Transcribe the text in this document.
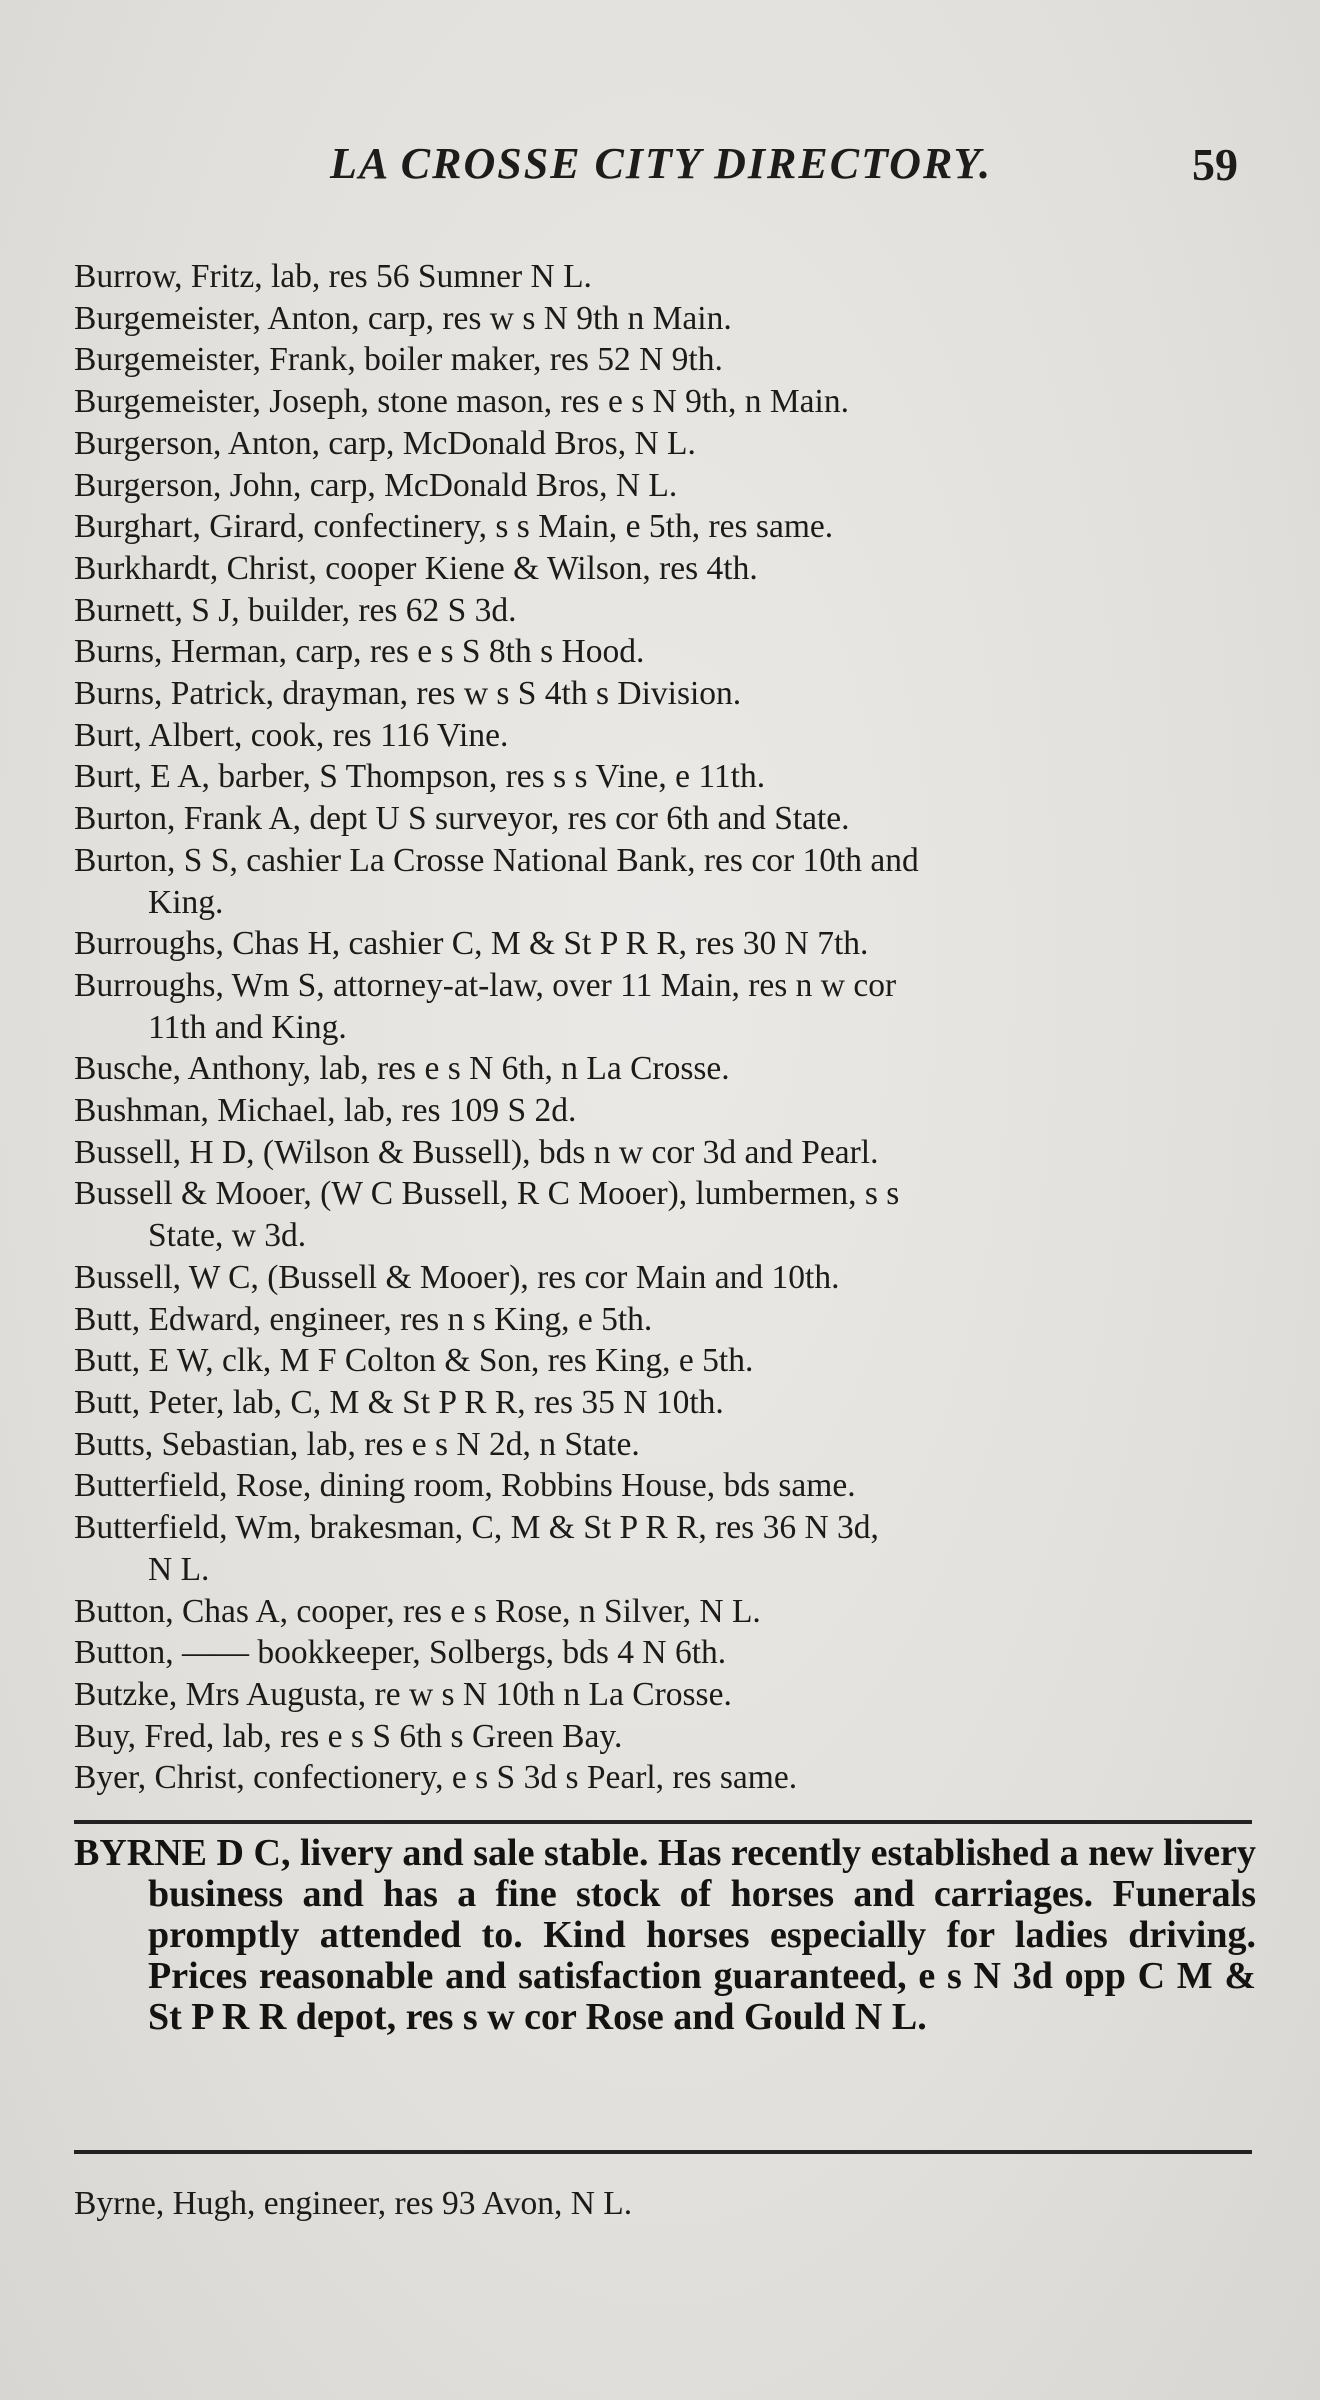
LA CROSSE CITY DIRECTORY.	59
Burrow, Fritz, lab, res 56 Sumner N L.
Burgemeister, Anton, carp, res w s N 9th n Main.
Burgemeister, Frank, boiler maker, res 52 N 9th.
Burgemeister, Joseph, stone mason, res e s N 9th, n Main.
Burgerson, Anton, carp, McDonald Bros, N L.
Burgerson, John, carp, McDonald Bros, N L.
Burghart, Girard, confectinery, s s Main, e 5th, res same.
Burkhardt, Christ, cooper Kiene & Wilson, res 4th.
Burnett, S J, builder, res 62 S 3d.
Burns, Herman, carp, res e s S 8th s Hood.
Burns, Patrick, drayman, res w s S 4th s Division.
Burt, Albert, cook, res 116 Vine.
Burt, E A, barber, S Thompson, res s s Vine, e 11th.
Burton, Frank A, dept U S surveyor, res cor 6th and State.
Burton, S S, cashier La Crosse National Bank, res cor 10th and
King.
Burroughs, Chas H, cashier C, M & St P R R, res 30 N 7th.
Burroughs, Wm S, attorney-at-law, over 11 Main, res n w cor
11th and King.
Busche, Anthony, lab, res e s N 6th, n La Crosse.
Bushman, Michael, lab, res 109 S 2d.
Bussell, H D, (Wilson & Bussell), bds n w cor 3d and Pearl.
Bussell & Mooer, (W C Bussell, R C Mooer), lumbermen, s s
State, w 3d.
Bussell, W C, (Bussell & Mooer), res cor Main and 10th.
Butt, Edward, engineer, res n s King, e 5th.
Butt, E W, clk, M F Colton & Son, res King, e 5th.
Butt, Peter, lab, C, M & St P R R, res 35 N 10th.
Butts, Sebastian, lab, res e s N 2d, n State.
Butterfield, Rose, dining room, Robbins House, bds same.
Butterfield, Wm, brakesman, C, M & St P R R, res 36 N 3d,
N L.
Button, Chas A, cooper, res e s Rose, n Silver, N L.
Button, —— bookkeeper, Solbergs, bds 4 N 6th.
Butzke, Mrs Augusta, re w s N 10th n La Crosse.
Buy, Fred, lab, res e s S 6th s Green Bay.
Byer, Christ, confectionery, e s S 3d s Pearl, res same.
BYRNE D C, livery and sale stable. Has recently established a new livery business and has a fine stock of horses and carriages. Funerals promptly attended to. Kind horses especially for ladies driving. Prices reasonable and satisfaction guaranteed, e s N 3d opp C M & St P R R depot, res s w cor Rose and Gould N L.
Byrne, Hugh, engineer, res 93 Avon, N L.
